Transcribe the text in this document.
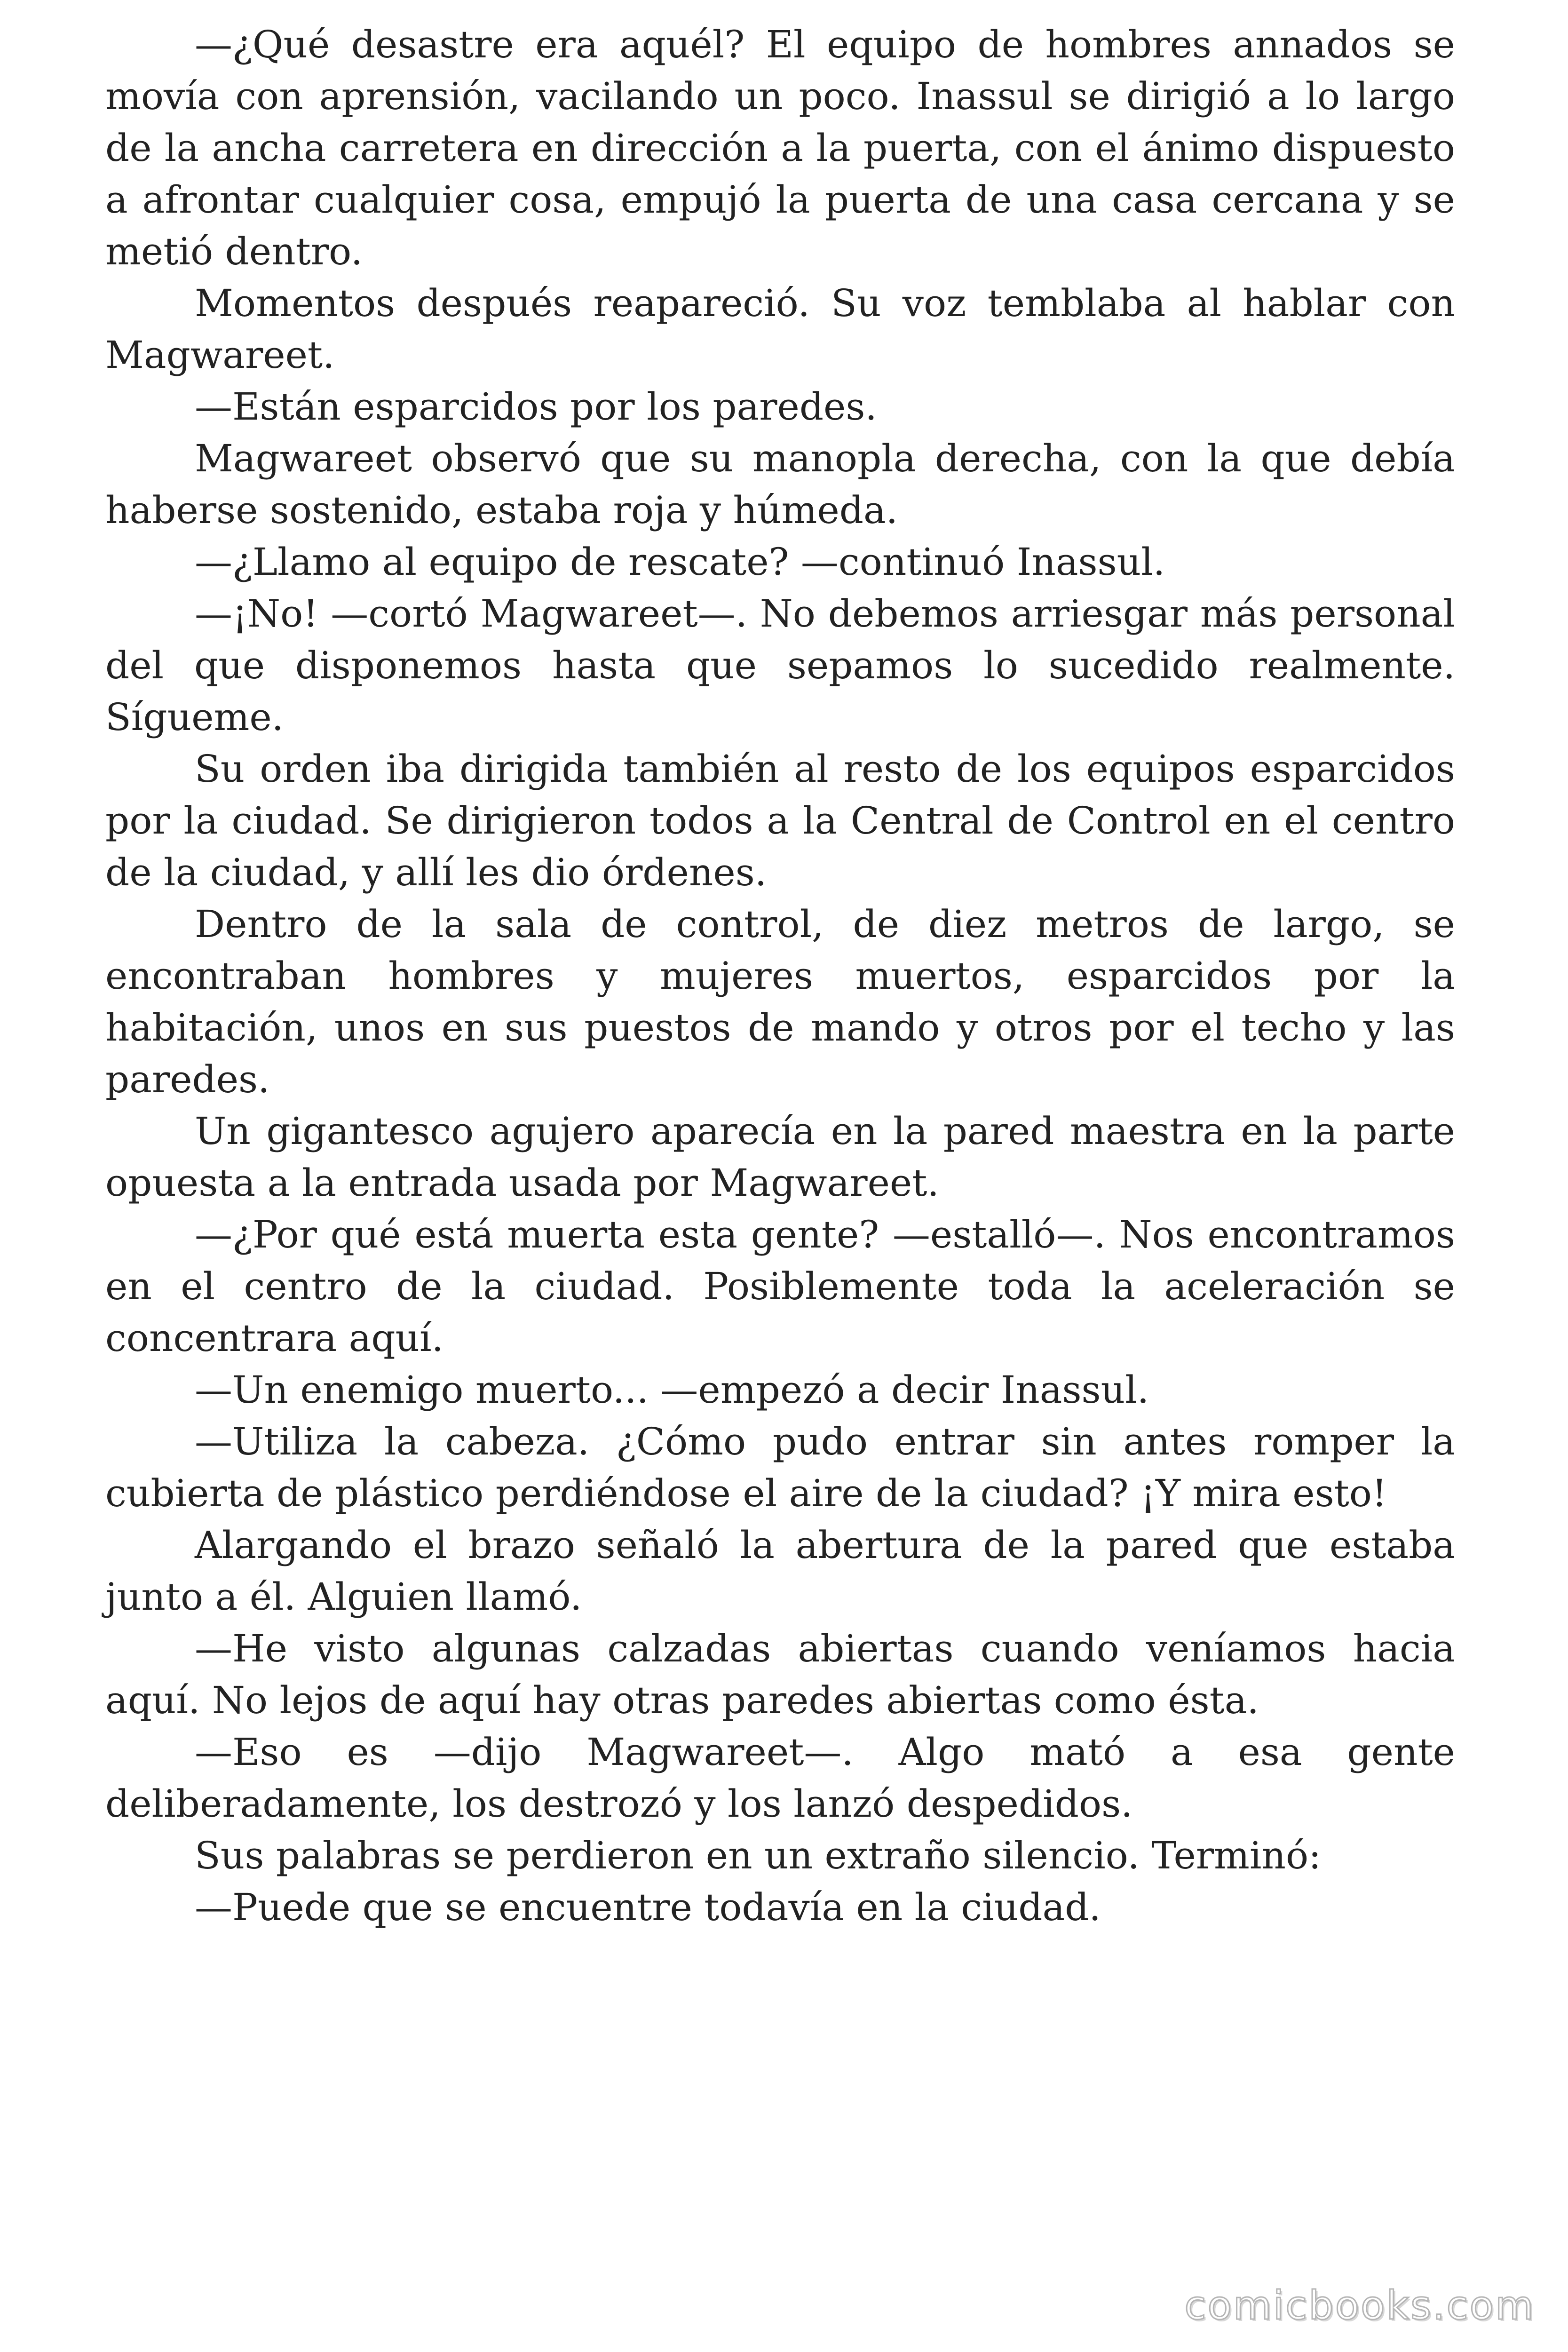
—¿Qué desastre era aquél? El equipo de hombres annados se movía con aprensión, vacilando un poco. Inassul se dirigió a lo largo de la ancha carretera en dirección a la puerta, con el ánimo dispuesto a afrontar cualquier cosa, empujó la puerta de una casa cercana y se metió dentro.

Momentos después reapareció. Su voz temblaba al hablar con Magwareet.

—Están esparcidos por los paredes.

Magwareet observó que su manopla derecha, con la que debía haberse sostenido, estaba roja y húmeda.

—¿Llamo al equipo de rescate? —continuó Inassul.

—¡No! —cortó Magwareet—. No debemos arriesgar más personal del que disponemos hasta que sepamos lo sucedido realmente. Sígueme.

Su orden iba dirigida también al resto de los equipos esparcidos por la ciudad. Se dirigieron todos a la Central de Control en el centro de la ciudad, y allí les dio órdenes.

Dentro de la sala de control, de diez metros de largo, se encontraban hombres y mujeres muertos, esparcidos por la habitación, unos en sus puestos de mando y otros por el techo y las paredes.

Un gigantesco agujero aparecía en la pared maestra en la parte opuesta a la entrada usada por Magwareet.

—¿Por qué está muerta esta gente? —estalló—. Nos encontramos en el centro de la ciudad. Posiblemente toda la aceleración se concentrara aquí.

—Un enemigo muerto... —empezó a decir Inassul.

—Utiliza la cabeza. ¿Cómo pudo entrar sin antes romper la cubierta de plástico perdiéndose el aire de la ciudad? ¡Y mira esto!

Alargando el brazo señaló la abertura de la pared que estaba junto a él. Alguien llamó.

—He visto algunas calzadas abiertas cuando veníamos hacia aquí. No lejos de aquí hay otras paredes abiertas como ésta.

—Eso es —dijo Magwareet—. Algo mató a esa gente deliberadamente, los destrozó y los lanzó despedidos.

Sus palabras se perdieron en un extraño silencio. Terminó:

—Puede que se encuentre todavía en la ciudad.

comicbooks.com
